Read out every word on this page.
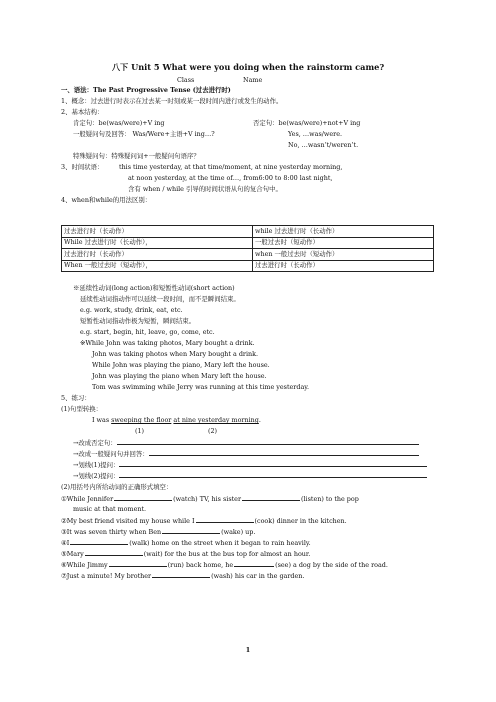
八下 Unit 5 What were you doing when the rainstorm came?
Class	Name
一、语法：The Past Progressive Tense (过去进行时)
1、概念：过去进行时表示在过去某一时刻或某一段时间内进行或发生的动作。
2、基本结构：
肯定句：be(was/were)+V ing	否定句：be(was/were)+not+V ing
一般疑问句及回答： Was/Were+主语+V ing…?	Yes, …was/were.
No, …wasn’t/weren’t.
特殊疑问句：特殊疑问词+一般疑问句语序？
3、时间状语： this time yesterday, at that time/moment, at nine yesterday morning,
at noon yesterday, at the time of…, from6:00 to 8:00 last night,
含有 when / while 引导的时间状语从句的复合句中。
4、when和while的用法区别：
过去进行时（长动作）	while 过去进行时（长动作）
While 过去进行时（长动作），	一般过去时（短动作）
过去进行时（长动作）	when 一般过去时（短动作）
When 一般过去时（短动作），	过去进行时（长动作）
※延续性动词(long action)和短暂性动词(short action)
延续性动词指动作可以延续一段时间，而不是瞬间结束。
e.g. work, study, drink, eat, etc.
短暂性动词指动作极为短暂，瞬间结束。
e.g. start, begin, hit, leave, go, come, etc.
※While John was taking photos, Mary bought a drink.
John was taking photos when Mary bought a drink.
While John was playing the piano, Mary left the house.
John was playing the piano when Mary left the house.
Tom was swimming while Jerry was running at this time yesterday.
5、练习：
(1)句型转换：
I was sweeping the floor at nine yesterday morning.
(1)	(2)
→改成否定句：
→改成一般疑问句并回答：
→划线(1)提问：
→划线(2)提问：
(2)用括号内所给动词的正确形式填空：
①While Jennifer	(watch) TV, his sister	(listen) to the pop
music at that moment.
②My best friend visited my house while I	(cook) dinner in the kitchen.
③It was seven thirty when Ben	(wake) up.
④I	(walk) home on the street when it began to rain heavily.
⑤Mary	(wait) for the bus at the bus top for almost an hour.
⑥While Jimmy	(run) back home, he	(see) a dog by the side of the road.
⑦Just a minute! My brother	(wash) his car in the garden.
1
